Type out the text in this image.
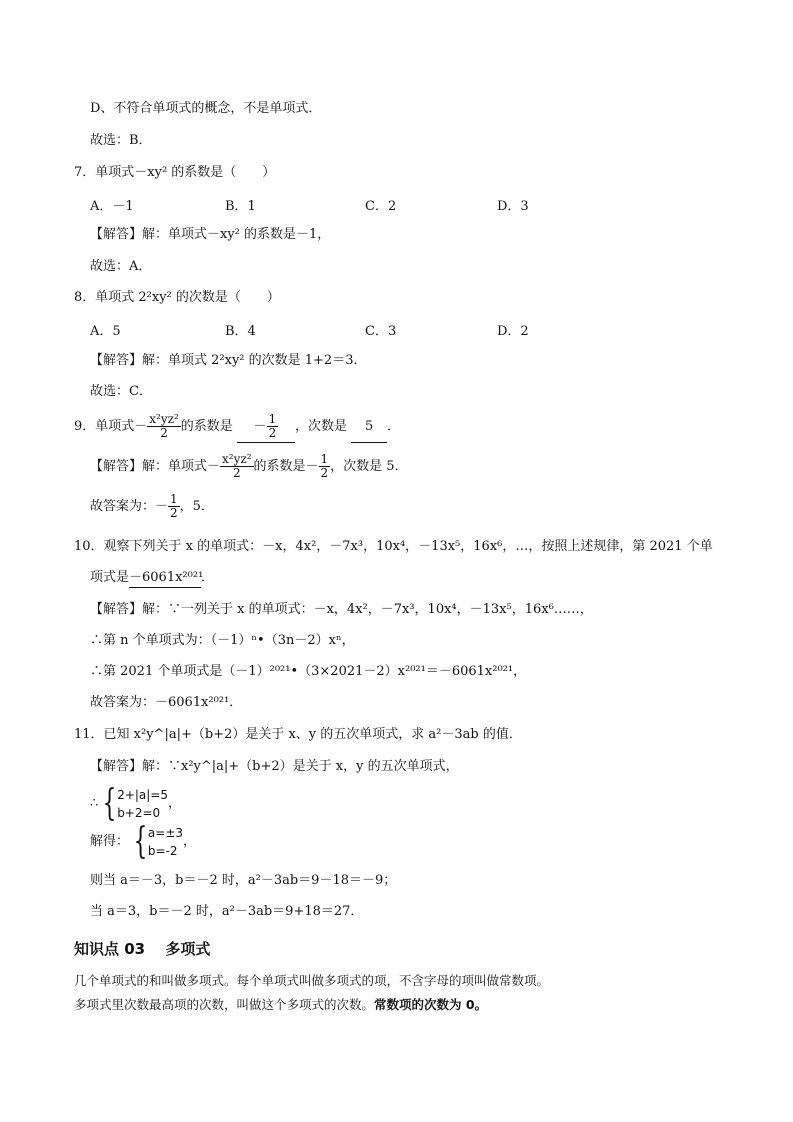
D、不符合单项式的概念，不是单项式．
故选：B．
7．单项式－xy² 的系数是（　　）
A．－1	B．1	C．2	D．3
【解答】解：单项式－xy² 的系数是－1，
故选：A．
8．单项式 2²xy² 的次数是（　　）
A．5	B．4	C．3	D．2
【解答】解：单项式 2²xy² 的次数是 1+2＝3．
故选：C．
9．单项式－ $\frac{\text{x²yz²}}{2}$ 的系数是 － $\frac{1}{2}$ ，次数是 5 ．
【解答】解：单项式－ $\frac{\text{x²yz²}}{2}$ 的系数是－ $\frac{1}{2}$ ，次数是 5．
故答案为：－ $\frac{1}{2}$ ，5．
10．观察下列关于 x 的单项式：－x，4x²，－7x³，10x⁴，－13x⁵，16x⁶，…，按照上述规律，第 2021 个单
项式是－6061x²⁰²¹．
【解答】解：∵一列关于 x 的单项式：－x，4x²，－7x³，10x⁴，－13x⁵，16x⁶……，
∴第 n 个单项式为：（－1）ⁿ•（3n－2）xⁿ，
∴第 2021 个单项式是（－1）²⁰²¹•（3×2021－2）x²⁰²¹＝－6061x²⁰²¹，
故答案为：－6061x²⁰²¹．
11．已知 x²y^|a|+（b+2）是关于 x、y 的五次单项式，求 a²－3ab 的值．
【解答】解：∵x²y^|a|+（b+2）是关于 x，y 的五次单项式，
∴ { 2+|a|=5
b+2=0
，
解得： { a=±3
b=-2
，
则当 a＝－3，b＝－2 时，a²－3ab＝9－18＝－9；
当 a＝3，b＝－2 时，a²－3ab＝9+18＝27．
知识点 03　 多项式
几个单项式的和叫做多项式。每个单项式叫做多项式的项，不含字母的项叫做常数项。
多项式里次数最高项的次数，叫做这个多项式的次数。常数项的次数为 0。
